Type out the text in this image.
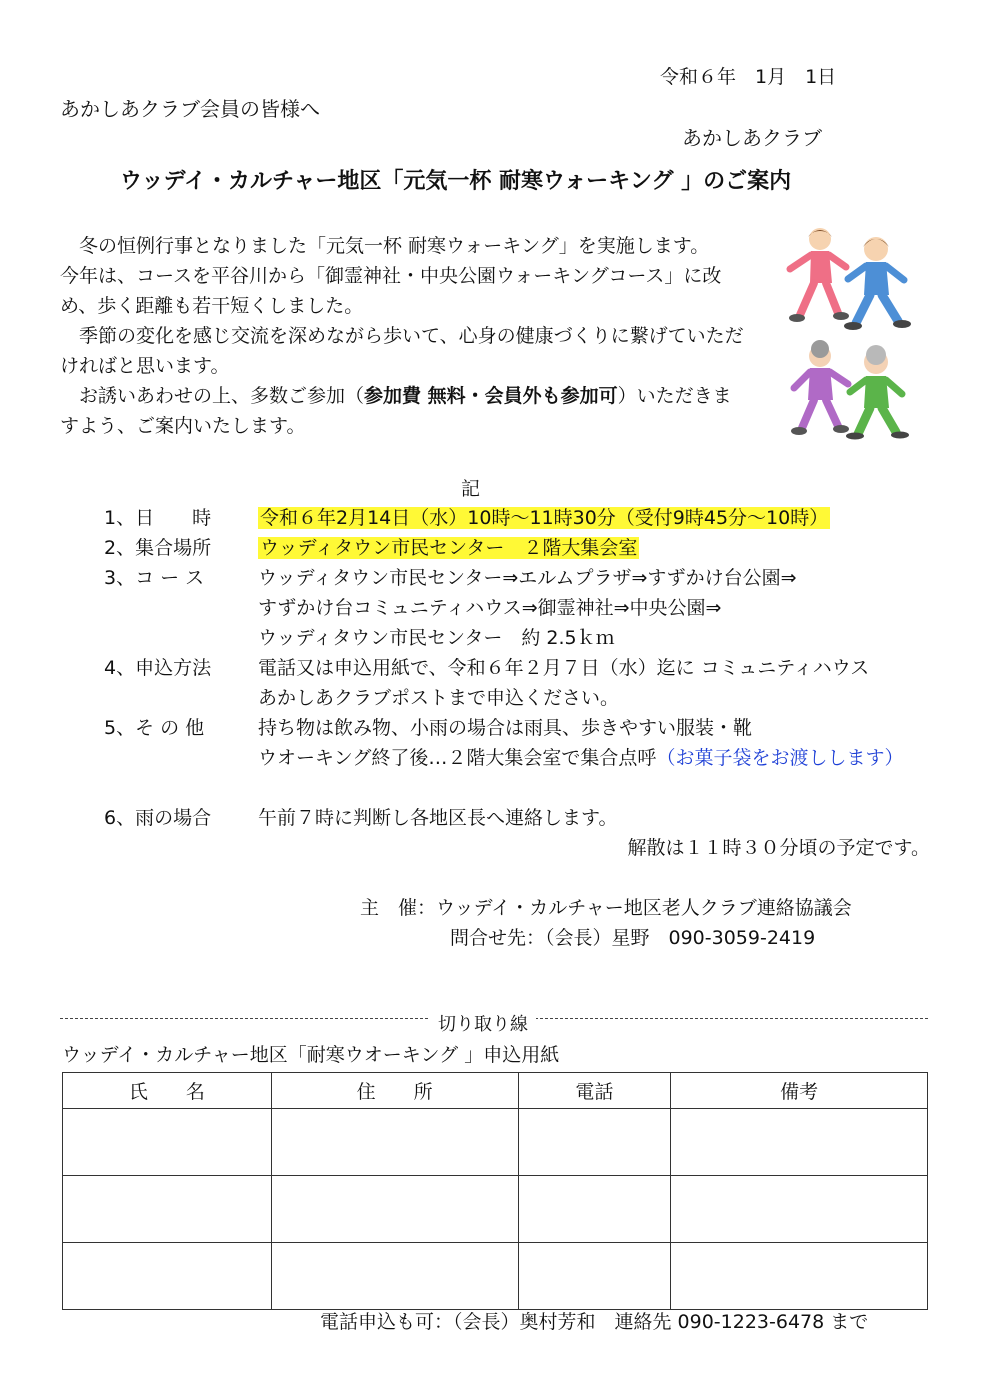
令和６年　1月　1日
あかしあクラブ会員の皆様へ
あかしあクラブ
ウッデイ・カルチャー地区「元気一杯 耐寒ウォーキング 」のご案内

　冬の恒例行事となりました「元気一杯 耐寒ウォーキング」を実施します。

今年は、コースを平谷川から「御霊神社・中央公園ウォーキングコース」に改

め、歩く距離も若干短くしました。

　季節の変化を感じ交流を深めながら歩いて、心身の健康づくりに繋げていただ

ければと思います。

　お誘いあわせの上、多数ご参加（参加費 無料・会員外も参加可）いただきま

すよう、ご案内いたします。

記
1、日　　時	令和６年2月14日（水）10時～11時30分（受付9時45分～10時）
2、集合場所	ウッディタウン市民センター　２階大集会室
3、コ ー ス	ウッディタウン市民センター⇒エルムプラザ⇒すずかけ台公園⇒
すずかけ台コミュニティハウス⇒御霊神社⇒中央公園⇒
ウッディタウン市民センター　約 2.5ｋｍ
4、申込方法 電話又は申込用紙で、令和６年２月７日（水）迄に コミュニティハウス
あかしあクラブポストまで申込ください。
5、そ の 他	持ち物は飲み物、小雨の場合は雨具、歩きやすい服装・靴
ウオーキング終了後…２階大集会室で集合点呼（お菓子袋をお渡しします）
6、雨の場合 午前７時に判断し各地区長へ連絡します。
解散は１１時３０分頃の予定です。
主　催：ウッデイ・カルチャー地区老人クラブ連絡協議会
問合せ先：（会長）星野　090-3059-2419
切り取り線
ウッデイ・カルチャー地区「耐寒ウオーキング 」申込用紙
氏　　名	住　　所	電話	備考

電話申込も可：（会長）奥村芳和　連絡先 090-1223-6478 まで
